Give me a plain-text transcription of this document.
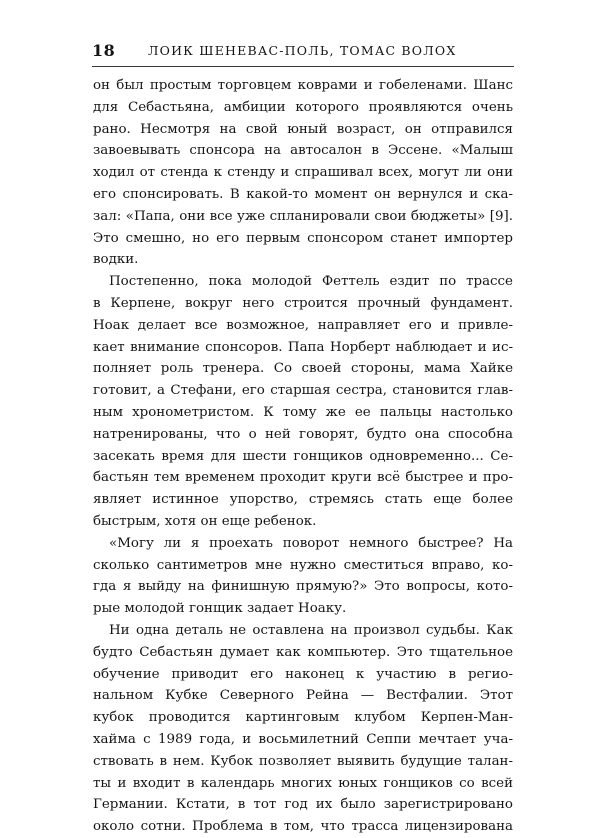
18	ЛОИК ШЕНЕВАС-ПОЛЬ, ТОМАС ВОЛОХ
он был простым торговцем коврами и гобеленами. Шанс
для Себастьяна, амбиции которого проявляются очень
рано. Несмотря на свой юный возраст, он отправился
завоевывать спонсора на автосалон в Эссене. «Малыш
ходил от стенда к стенду и спрашивал всех, могут ли они
его спонсировать. В какой-то момент он вернулся и ска-
зал: «Папа, они все уже спланировали свои бюджеты» [9].
Это смешно, но его первым спонсором станет импортер
водки.
Постепенно, пока молодой Феттель ездит по трассе
в Керпене, вокруг него строится прочный фундамент.
Ноак делает все возможное, направляет его и привле-
кает внимание спонсоров. Папа Норберт наблюдает и ис-
полняет роль тренера. Со своей стороны, мама Хайке
готовит, а Стефани, его старшая сестра, становится глав-
ным хронометристом. К тому же ее пальцы настолько
натренированы, что о ней говорят, будто она способна
засекать время для шести гонщиков одновременно... Се-
бастьян тем временем проходит круги всё быстрее и про-
являет истинное упорство, стремясь стать еще более
быстрым, хотя он еще ребенок.
«Могу ли я проехать поворот немного быстрее? На
сколько сантиметров мне нужно сместиться вправо, ко-
гда я выйду на финишную прямую?» Это вопросы, кото-
рые молодой гонщик задает Ноаку.
Ни одна деталь не оставлена на произвол судьбы. Как
будто Себастьян думает как компьютер. Это тщательное
обучение приводит его наконец к участию в регио-
нальном Кубке Северного Рейна — Вестфалии. Этот
кубок проводится картинговым клубом Керпен-Ман-
хайма с 1989 года, и восьмилетний Сеппи мечтает уча-
ствовать в нем. Кубок позволяет выявить будущие талан-
ты и входит в календарь многих юных гонщиков со всей
Германии. Кстати, в тот год их было зарегистрировано
около сотни. Проблема в том, что трасса лицензирована
